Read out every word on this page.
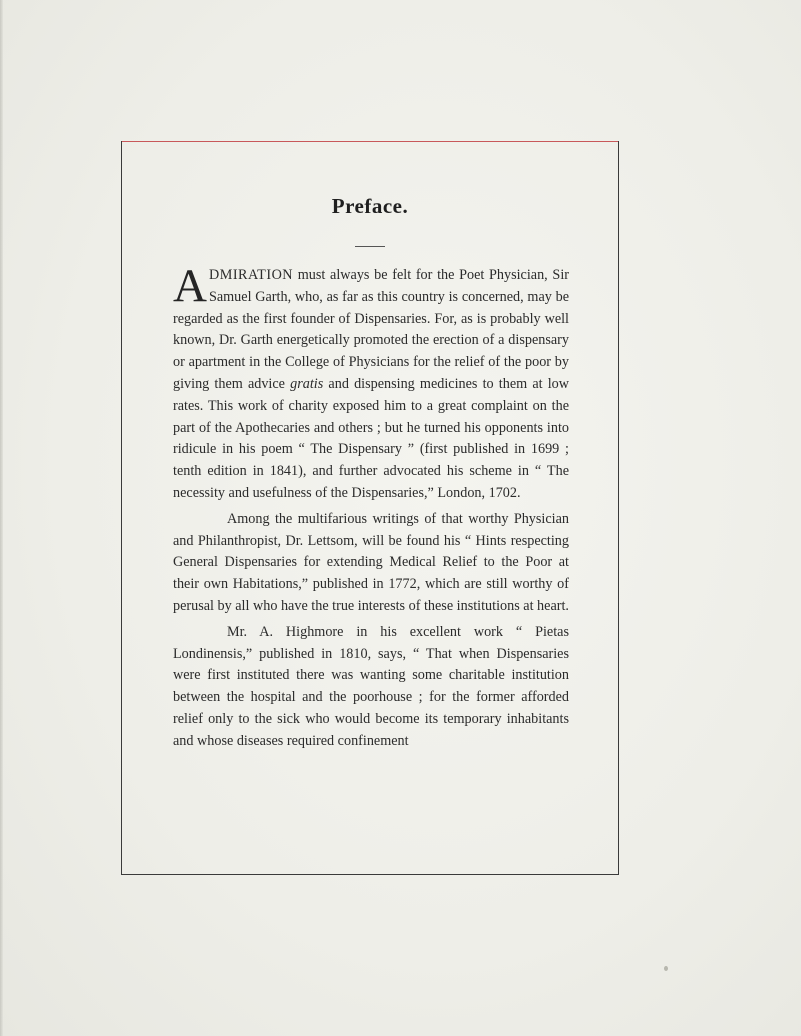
Preface.

ADMIRATION must always be felt for the Poet Physician, Sir Samuel Garth, who, as far as this country is concerned, may be regarded as the first founder of Dispensaries. For, as is probably well known, Dr. Garth energetically promoted the erection of a dispensary or apartment in the College of Physicians for the relief of the poor by giving them advice gratis and dispensing medicines to them at low rates. This work of charity exposed him to a great complaint on the part of the Apothecaries and others ; but he turned his opponents into ridicule in his poem “ The Dispensary ” (first published in 1699 ; tenth edition in 1841), and further advocated his scheme in “ The necessity and usefulness of the Dispensaries,” London, 1702.

Among the multifarious writings of that worthy Physician and Philanthropist, Dr. Lettsom, will be found his “ Hints respecting General Dispensaries for extending Medical Relief to the Poor at their own Habitations,” published in 1772, which are still worthy of perusal by all who have the true interests of these institutions at heart.

Mr. A. Highmore in his excellent work “ Pietas Londinensis,” published in 1810, says, “ That when Dispensaries were first instituted there was wanting some charitable institution between the hospital and the poorhouse ; for the former afforded relief only to the sick who would become its temporary inhabitants and whose diseases required confinement
